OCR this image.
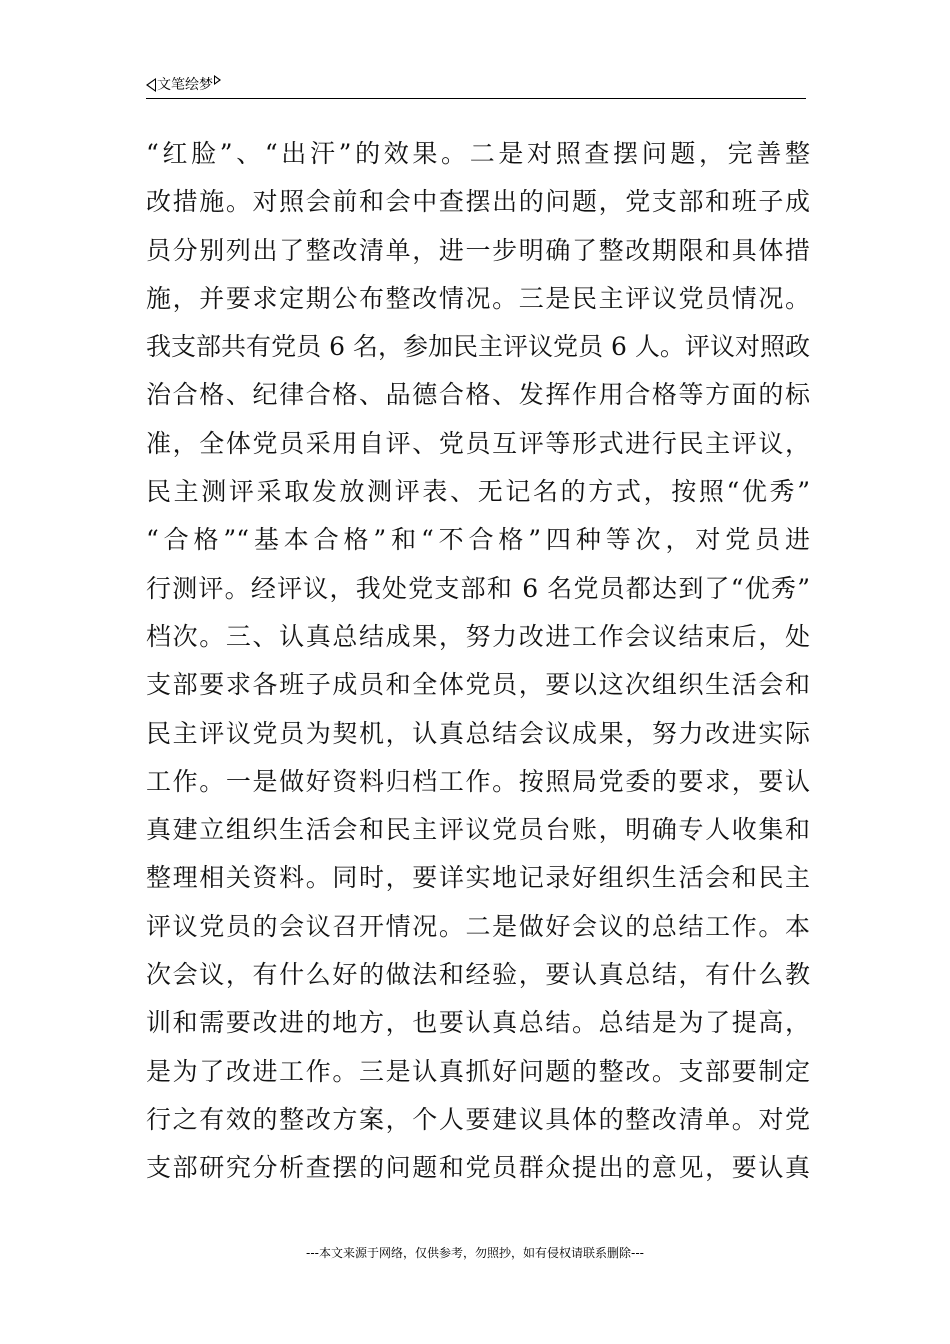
文笔绘梦
“红脸”、“出汗”的效果。二是对照查摆问题，完善整
改措施。对照会前和会中查摆出的问题，党支部和班子成
员分别列出了整改清单，进一步明确了整改期限和具体措
施，并要求定期公布整改情况。三是民主评议党员情况。
我支部共有党员 6 名，参加民主评议党员 6 人。评议对照政
治合格、纪律合格、品德合格、发挥作用合格等方面的标
准，全体党员采用自评、党员互评等形式进行民主评议，
民主测评采取发放测评表、无记名的方式，按照“优秀”
“合格”“基本合格”和“不合格”四种等次，对党员进
行测评。经评议，我处党支部和 6 名党员都达到了“优秀”
档次。三、认真总结成果，努力改进工作会议结束后，处
支部要求各班子成员和全体党员，要以这次组织生活会和
民主评议党员为契机，认真总结会议成果，努力改进实际
工作。一是做好资料归档工作。按照局党委的要求，要认
真建立组织生活会和民主评议党员台账，明确专人收集和
整理相关资料。同时，要详实地记录好组织生活会和民主
评议党员的会议召开情况。二是做好会议的总结工作。本
次会议，有什么好的做法和经验，要认真总结，有什么教
训和需要改进的地方，也要认真总结。总结是为了提高，
是为了改进工作。三是认真抓好问题的整改。支部要制定
行之有效的整改方案，个人要建议具体的整改清单。对党
支部研究分析查摆的问题和党员群众提出的意见，要认真
---本文来源于网络，仅供参考，勿照抄，如有侵权请联系删除---
